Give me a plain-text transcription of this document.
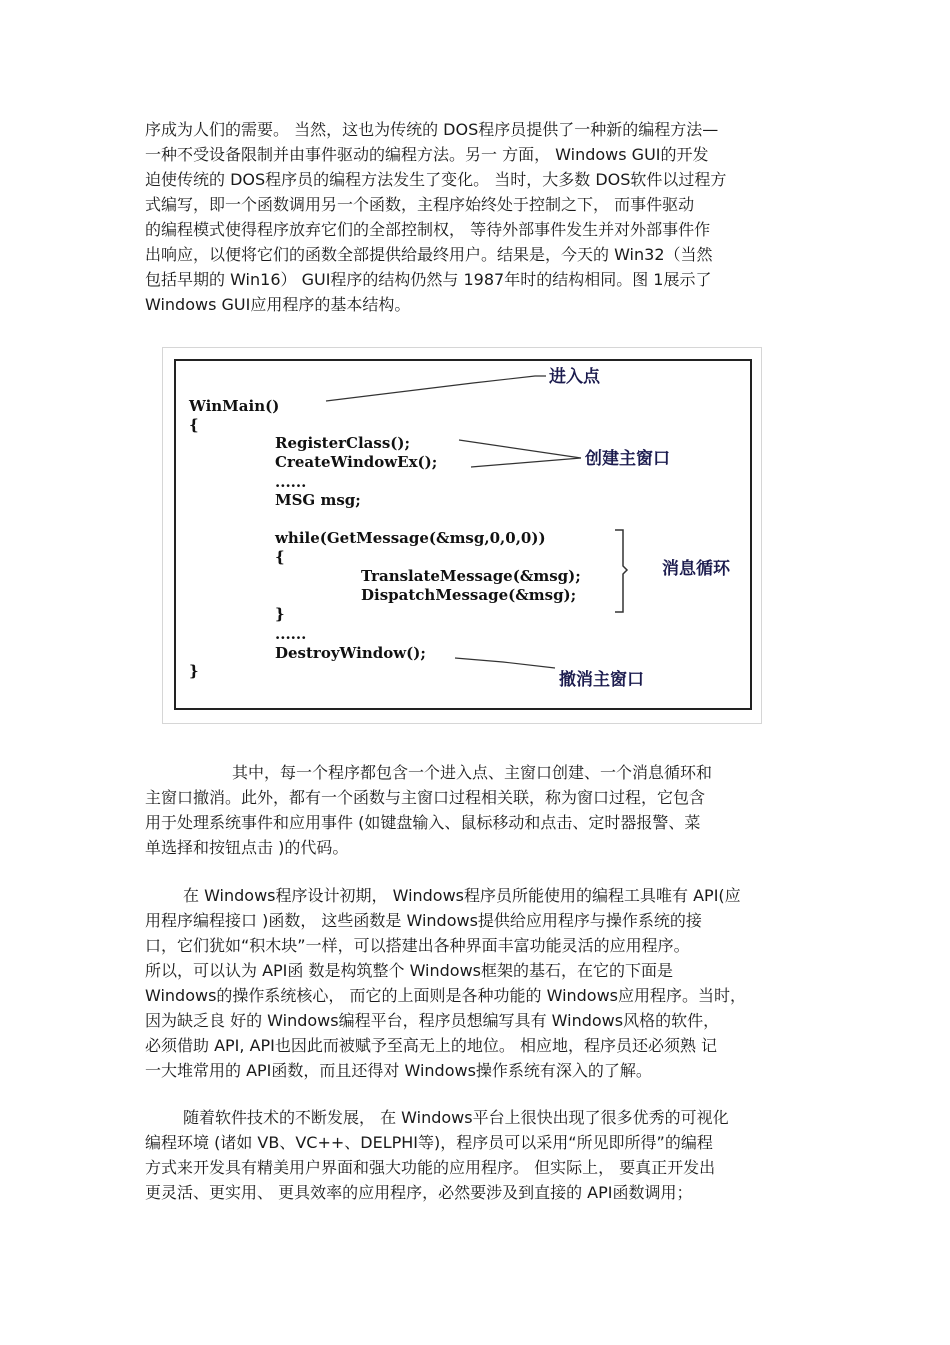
序成为人们的需要。 当然，这也为传统的 DOS程序员提供了一种新的编程方法—
一种不受设备限制并由事件驱动的编程方法。另一 方面， Windows GUI的开发
迫使传统的 DOS程序员的编程方法发生了变化。 当时，大多数 DOS软件以过程方
式编写，即一个函数调用另一个函数，主程序始终处于控制之下， 而事件驱动
的编程模式使得程序放弃它们的全部控制权， 等待外部事件发生并对外部事件作
出响应，以便将它们的函数全部提供给最终用户。结果是，今天的 Win32（当然
包括早期的 Win16） GUI程序的结构仍然与 1987年时的结构相同。图 1展示了
Windows GUI应用程序的基本结构。
WinMain()
{
RegisterClass();
CreateWindowEx();
......
MSG msg;
while(GetMessage(&msg,0,0,0))
{
TranslateMessage(&msg);
DispatchMessage(&msg);
}
......
DestroyWindow();
}
进入点
创建主窗口
消息循环
撤消主窗口
其中，每一个程序都包含一个进入点、主窗口创建、一个消息循环和
主窗口撤消。此外，都有一个函数与主窗口过程相关联，称为窗口过程，它包含
用于处理系统事件和应用事件 (如键盘输入、鼠标移动和点击、定时器报警、菜
单选择和按钮点击 )的代码。
在 Windows程序设计初期， Windows程序员所能使用的编程工具唯有 API(应
用程序编程接口 )函数， 这些函数是 Windows提供给应用程序与操作系统的接
口，它们犹如“积木块”一样，可以搭建出各种界面丰富功能灵活的应用程序。
所以，可以认为 API函 数是构筑整个 Windows框架的基石，在它的下面是
Windows的操作系统核心， 而它的上面则是各种功能的 Windows应用程序。当时，
因为缺乏良 好的 Windows编程平台，程序员想编写具有 Windows风格的软件，
必须借助 API, API也因此而被赋予至高无上的地位。 相应地，程序员还必须熟 记
一大堆常用的 API函数，而且还得对 Windows操作系统有深入的了解。
随着软件技术的不断发展， 在 Windows平台上很快出现了很多优秀的可视化
编程环境 (诸如 VB、VC++、DELPHI等)，程序员可以采用“所见即所得”的编程
方式来开发具有精美用户界面和强大功能的应用程序。 但实际上， 要真正开发出
更灵活、更实用、 更具效率的应用程序，必然要涉及到直接的 API函数调用；
